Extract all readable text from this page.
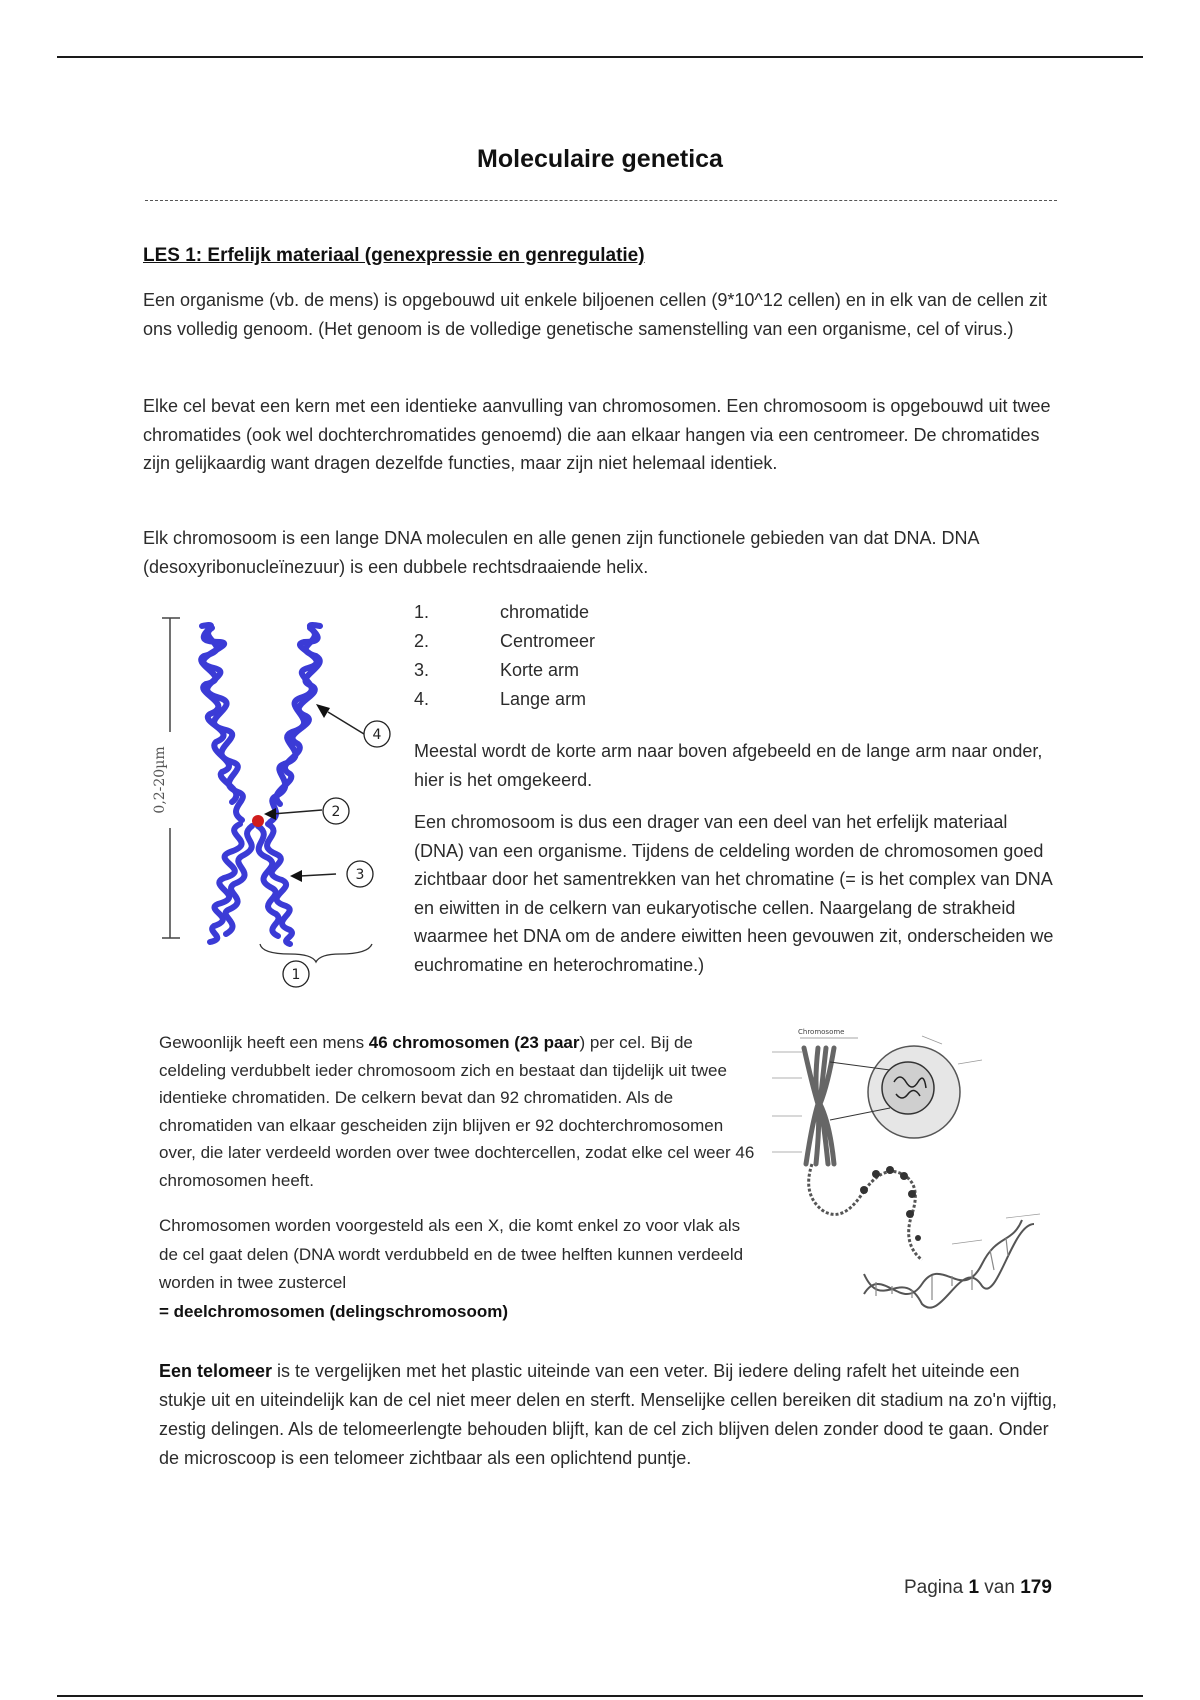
Moleculaire genetica
LES 1: Erfelijk materiaal (genexpressie en genregulatie)

Een organisme (vb. de mens) is opgebouwd uit enkele biljoenen cellen (9*10^12 cellen) en in elk van de cellen zit ons volledig genoom. (Het genoom is de volledige genetische samenstelling van een organisme, cel of virus.)

Elke cel bevat een kern met een identieke aanvulling van chromosomen. Een chromosoom is opgebouwd uit twee chromatides (ook wel dochterchromatides genoemd) die aan elkaar hangen via een centromeer. De chromatides zijn gelijkaardig want dragen dezelfde functies, maar zijn niet helemaal identiek.

Elk chromosoom is een lange DNA moleculen en alle genen zijn functionele gebieden van dat DNA. DNA (desoxyribonucleïnezuur) is een dubbele rechtsdraaiende helix.

0,2-20µm
4
2
3
1
1.	chromatide
2.	Centromeer
3.	Korte arm
4.	Lange arm

Meestal wordt de korte arm naar boven afgebeeld en de lange arm naar onder, hier is het omgekeerd.

Een chromosoom is dus een drager van een deel van het erfelijk materiaal (DNA) van een organisme. Tijdens de celdeling worden de chromosomen goed zichtbaar door het samentrekken van het chromatine (= is het complex van DNA en eiwitten in de celkern van eukaryotische cellen. Naargelang de strakheid waarmee het DNA om de andere eiwitten heen gevouwen zit, onderscheiden we euchromatine en heterochromatine.)

Gewoonlijk heeft een mens 46 chromosomen (23 paar) per cel. Bij de celdeling verdubbelt ieder chromosoom zich en bestaat dan tijdelijk uit twee identieke chromatiden. De celkern bevat dan 92 chromatiden. Als de chromatiden van elkaar gescheiden zijn blijven er 92 dochterchromosomen over, die later verdeeld worden over twee dochtercellen, zodat elke cel weer 46 chromosomen heeft.

Chromosome

Chromosomen worden voorgesteld als een X, die komt enkel zo voor vlak als de cel gaat delen (DNA wordt verdubbeld en de twee helften kunnen verdeeld worden in twee zustercel
= deelchromosomen (delingschromosoom)

Een telomeer is te vergelijken met het plastic uiteinde van een veter. Bij iedere deling rafelt het uiteinde een stukje uit en uiteindelijk kan de cel niet meer delen en sterft. Menselijke cellen bereiken dit stadium na zo'n vijftig, zestig delingen. Als de telomeerlengte behouden blijft, kan de cel zich blijven delen zonder dood te gaan. Onder de microscoop is een telomeer zichtbaar als een oplichtend puntje.

Pagina 1 van 179
